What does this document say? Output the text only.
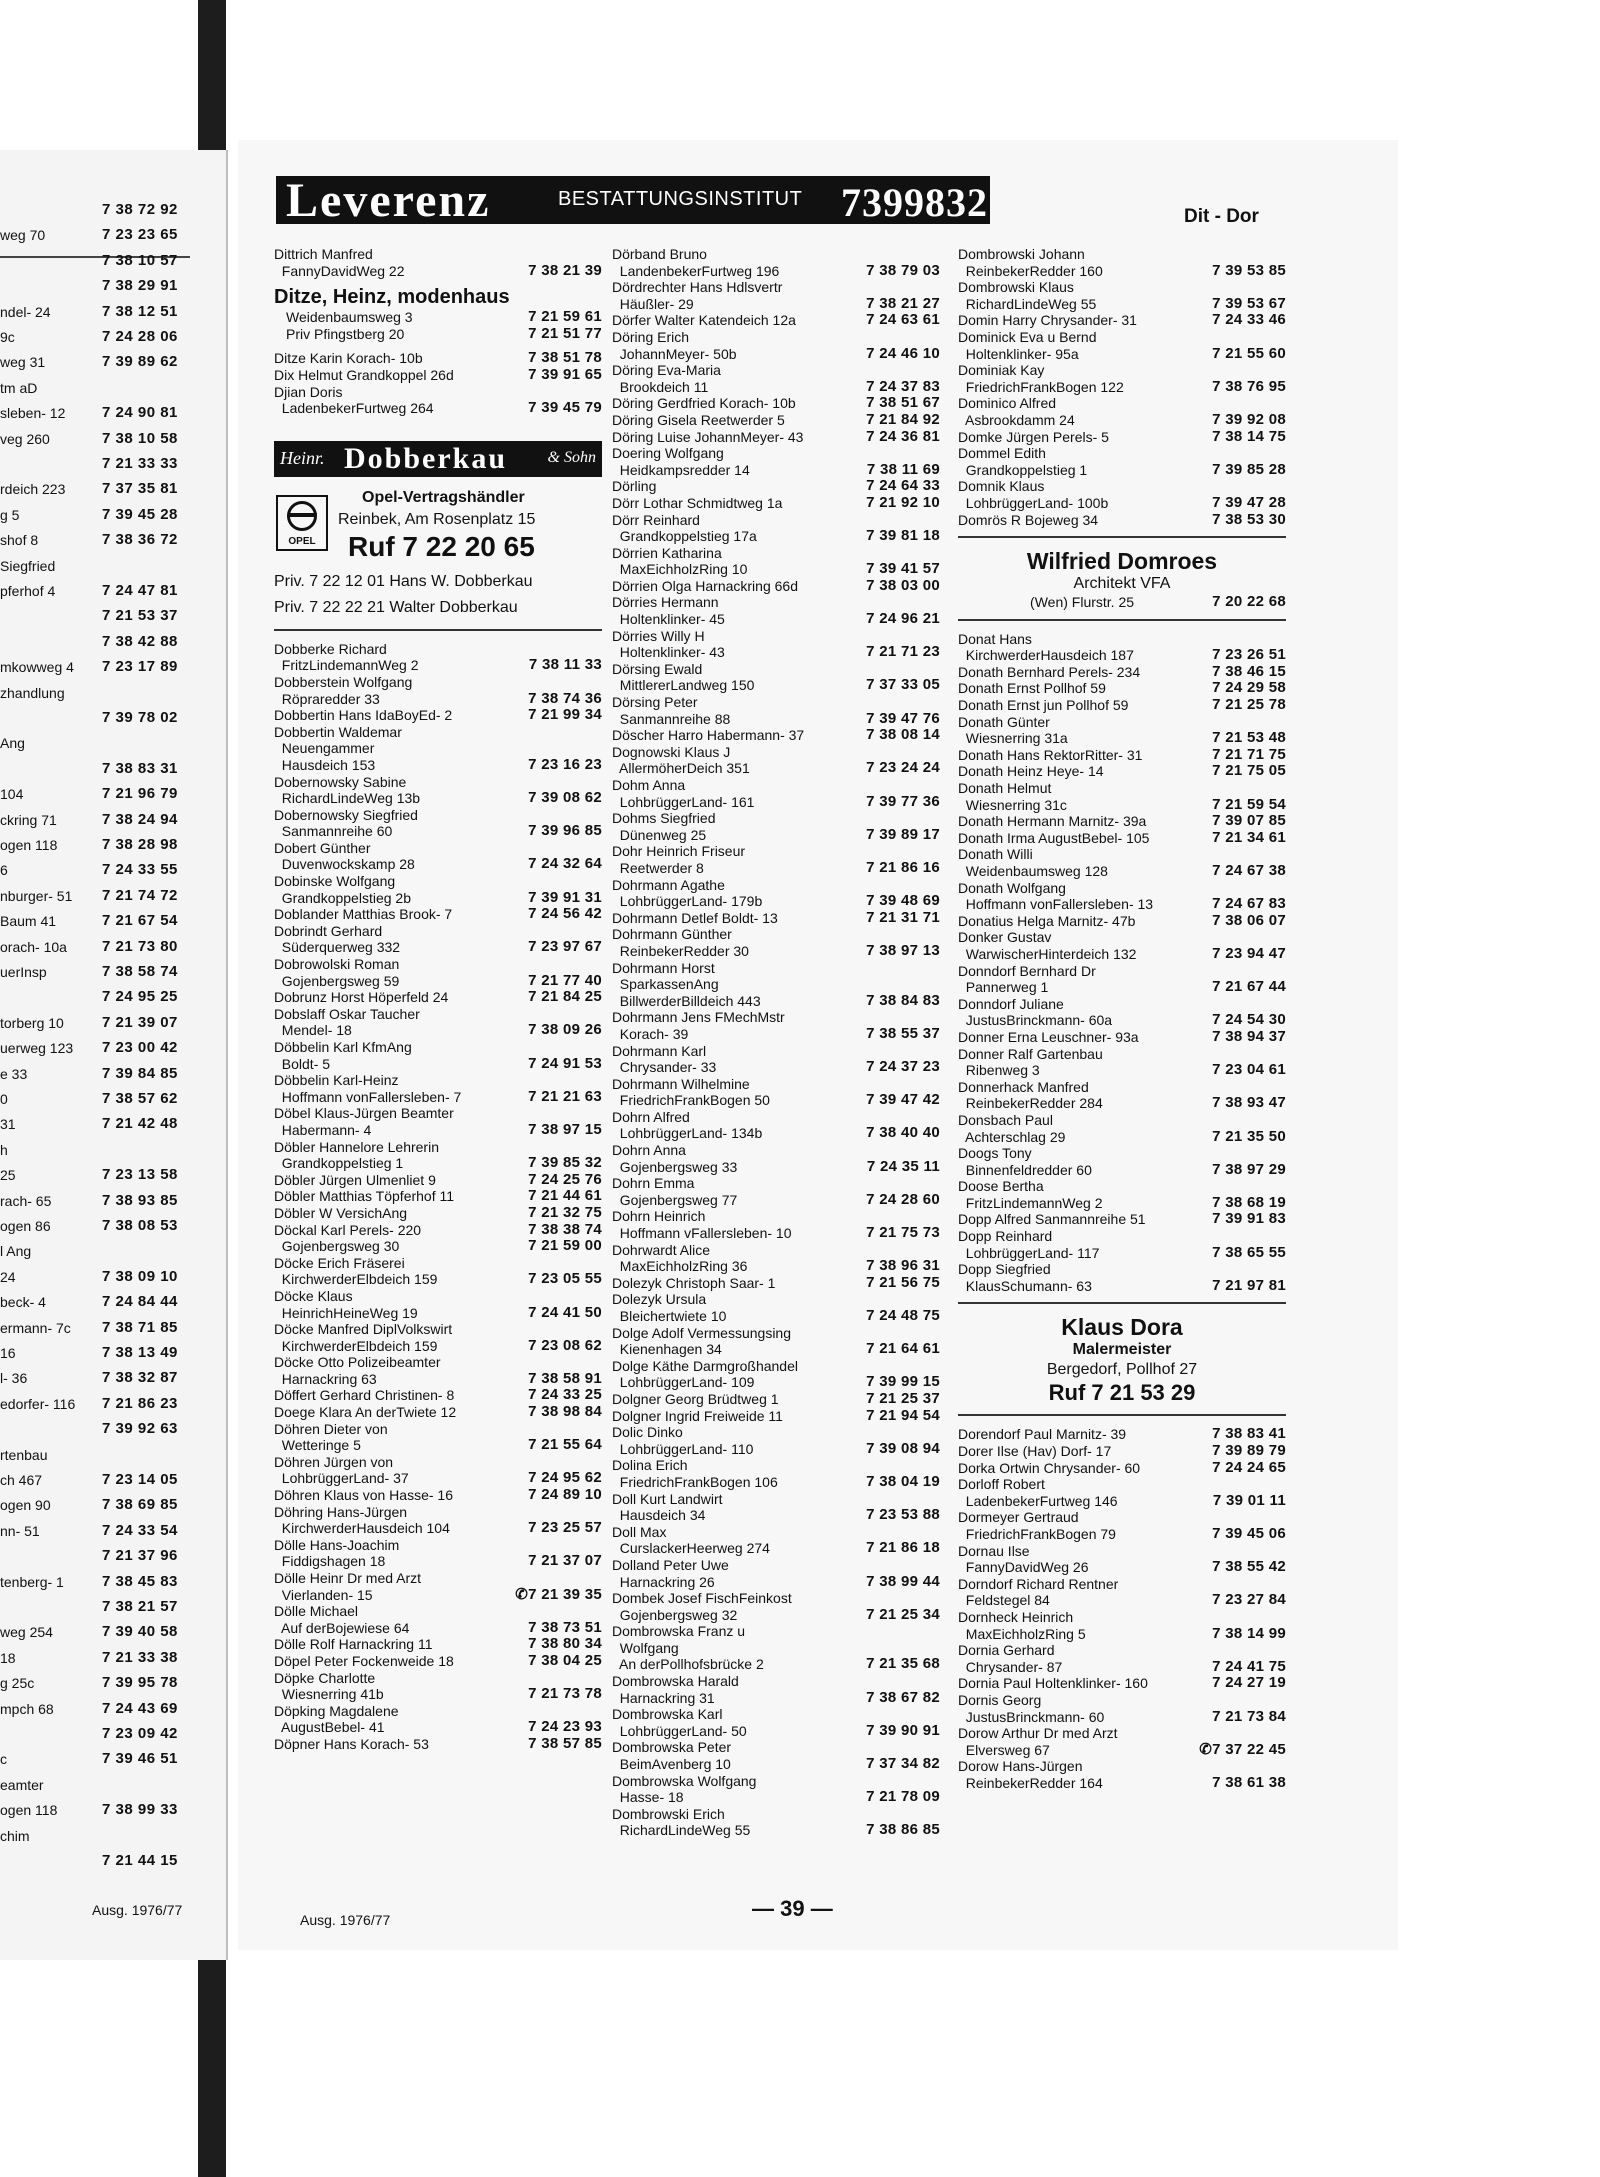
7 38 72 92
weg 70	7 23 23 65
7 38 10 57
7 38 29 91
ndel- 24	7 38 12 51
9c	7 24 28 06
weg 31	7 39 89 62
tm aD
sleben- 12	7 24 90 81
veg 260	7 38 10 58
7 21 33 33
rdeich 223	7 37 35 81
g 5	7 39 45 28
shof 8	7 38 36 72
Siegfried
pferhof 4	7 24 47 81
7 21 53 37
7 38 42 88
mkowweg 4	7 23 17 89
zhandlung
7 39 78 02
Ang
7 38 83 31
104	7 21 96 79
ckring 71	7 38 24 94
ogen 118	7 38 28 98
6	7 24 33 55
nburger- 51	7 21 74 72
Baum 41	7 21 67 54
orach- 10a	7 21 73 80
uerInsp	7 38 58 74
7 24 95 25
torberg 10	7 21 39 07
uerweg 123	7 23 00 42
e 33	7 39 84 85
0	7 38 57 62
31	7 21 42 48
h
25	7 23 13 58
rach- 65	7 38 93 85
ogen 86	7 38 08 53
l Ang
24	7 38 09 10
beck- 4	7 24 84 44
ermann- 7c	7 38 71 85
16	7 38 13 49
l- 36	7 38 32 87
edorfer- 116	7 21 86 23
7 39 92 63
rtenbau
ch 467	7 23 14 05
ogen 90	7 38 69 85
nn- 51	7 24 33 54
7 21 37 96
tenberg- 1	7 38 45 83
7 38 21 57
weg 254	7 39 40 58
18	7 21 33 38
g 25c	7 39 95 78
mpch 68	7 24 43 69
7 23 09 42
c	7 39 46 51
eamter
ogen 118	7 38 99 33
chim
7 21 44 15
Ausg. 1976/77
Leverenz	BESTATTUNGSINSTITUT 7399832	Dit - Dor
Dittrich Manfred
FannyDavidWeg 22	7 38 21 39
Ditze, Heinz, modenhaus
Weidenbaumsweg 3	7 21 59 61
Priv Pfingstberg 20	7 21 51 77
Ditze Karin Korach- 10b	7 38 51 78
Dix Helmut Grandkoppel 26d	7 39 91 65
Djian Doris
LadenbekerFurtweg 264	7 39 45 79
Heinr. Dobberkau	& Sohn
OPEL
Opel-Vertragshändler
Reinbek, Am Rosenplatz 15
Ruf 7 22 20 65
Priv. 7 22 12 01 Hans W. Dobberkau
Priv. 7 22 22 21 Walter Dobberkau
Dobberke Richard
FritzLindemannWeg 2	7 38 11 33
Dobberstein Wolfgang
Röpraredder 33	7 38 74 36
Dobbertin Hans IdaBoyEd- 2	7 21 99 34
Dobbertin Waldemar
Neuengammer
Hausdeich 153	7 23 16 23
Dobernowsky Sabine
RichardLindeWeg 13b	7 39 08 62
Dobernowsky Siegfried
Sanmannreihe 60	7 39 96 85
Dobert Günther
Duvenwockskamp 28	7 24 32 64
Dobinske Wolfgang
Grandkoppelstieg 2b	7 39 91 31
Doblander Matthias Brook- 7	7 24 56 42
Dobrindt Gerhard
Süderquerweg 332	7 23 97 67
Dobrowolski Roman
Gojenbergsweg 59	7 21 77 40
Dobrunz Horst Höperfeld 24	7 21 84 25
Dobslaff Oskar Taucher
Mendel- 18	7 38 09 26
Döbbelin Karl KfmAng
Boldt- 5	7 24 91 53
Döbbelin Karl-Heinz
Hoffmann vonFallersleben- 7	7 21 21 63
Döbel Klaus-Jürgen Beamter
Habermann- 4	7 38 97 15
Döbler Hannelore Lehrerin
Grandkoppelstieg 1	7 39 85 32
Döbler Jürgen Ulmenliet 9	7 24 25 76
Döbler Matthias Töpferhof 11	7 21 44 61
Döbler W VersichAng	7 21 32 75
Döckal Karl Perels- 220	7 38 38 74
Gojenbergsweg 30	7 21 59 00
Döcke Erich Fräserei
KirchwerderElbdeich 159	7 23 05 55
Döcke Klaus
HeinrichHeineWeg 19	7 24 41 50
Döcke Manfred DiplVolkswirt
KirchwerderElbdeich 159	7 23 08 62
Döcke Otto Polizeibeamter
Harnackring 63	7 38 58 91
Döffert Gerhard Christinen- 8	7 24 33 25
Doege Klara An derTwiete 12	7 38 98 84
Döhren Dieter von
Wetteringe 5	7 21 55 64
Döhren Jürgen von
LohbrüggerLand- 37	7 24 95 62
Döhren Klaus von Hasse- 16	7 24 89 10
Döhring Hans-Jürgen
KirchwerderHausdeich 104	7 23 25 57
Dölle Hans-Joachim
Fiddigshagen 18	7 21 37 07
Dölle Heinr Dr med Arzt
Vierlanden- 15	✆7 21 39 35
Dölle Michael
Auf derBojewiese 64	7 38 73 51
Dölle Rolf Harnackring 11	7 38 80 34
Döpel Peter Fockenweide 18	7 38 04 25
Döpke Charlotte
Wiesnerring 41b	7 21 73 78
Döpking Magdalene
AugustBebel- 41	7 24 23 93
Döpner Hans Korach- 53	7 38 57 85
Dörband Bruno
LandenbekerFurtweg 196	7 38 79 03
Dördrechter Hans Hdlsvertr
Häußler- 29	7 38 21 27
Dörfer Walter Katendeich 12a	7 24 63 61
Döring Erich
JohannMeyer- 50b	7 24 46 10
Döring Eva-Maria
Brookdeich 11	7 24 37 83
Döring Gerdfried Korach- 10b	7 38 51 67
Döring Gisela Reetwerder 5	7 21 84 92
Döring Luise JohannMeyer- 43	7 24 36 81
Doering Wolfgang
Heidkampsredder 14	7 38 11 69
Dörling	7 24 64 33
Dörr Lothar Schmidtweg 1a	7 21 92 10
Dörr Reinhard
Grandkoppelstieg 17a	7 39 81 18
Dörrien Katharina
MaxEichholzRing 10	7 39 41 57
Dörrien Olga Harnackring 66d	7 38 03 00
Dörries Hermann
Holtenklinker- 45	7 24 96 21
Dörries Willy H
Holtenklinker- 43	7 21 71 23
Dörsing Ewald
MittlererLandweg 150	7 37 33 05
Dörsing Peter
Sanmannreihe 88	7 39 47 76
Döscher Harro Habermann- 37	7 38 08 14
Dognowski Klaus J
AllermöherDeich 351	7 23 24 24
Dohm Anna
LohbrüggerLand- 161	7 39 77 36
Dohms Siegfried
Dünenweg 25	7 39 89 17
Dohr Heinrich Friseur
Reetwerder 8	7 21 86 16
Dohrmann Agathe
LohbrüggerLand- 179b	7 39 48 69
Dohrmann Detlef Boldt- 13	7 21 31 71
Dohrmann Günther
ReinbekerRedder 30	7 38 97 13
Dohrmann Horst
SparkassenAng
BillwerderBilldeich 443	7 38 84 83
Dohrmann Jens FMechMstr
Korach- 39	7 38 55 37
Dohrmann Karl
Chrysander- 33	7 24 37 23
Dohrmann Wilhelmine
FriedrichFrankBogen 50	7 39 47 42
Dohrn Alfred
LohbrüggerLand- 134b	7 38 40 40
Dohrn Anna
Gojenbergsweg 33	7 24 35 11
Dohrn Emma
Gojenbergsweg 77	7 24 28 60
Dohrn Heinrich
Hoffmann vFallersleben- 10	7 21 75 73
Dohrwardt Alice
MaxEichholzRing 36	7 38 96 31
Dolezyk Christoph Saar- 1	7 21 56 75
Dolezyk Ursula
Bleichertwiete 10	7 24 48 75
Dolge Adolf Vermessungsing
Kienenhagen 34	7 21 64 61
Dolge Käthe Darmgroßhandel
LohbrüggerLand- 109	7 39 99 15
Dolgner Georg Brüdtweg 1	7 21 25 37
Dolgner Ingrid Freiweide 11	7 21 94 54
Dolic Dinko
LohbrüggerLand- 110	7 39 08 94
Dolina Erich
FriedrichFrankBogen 106	7 38 04 19
Doll Kurt Landwirt
Hausdeich 34	7 23 53 88
Doll Max
CurslackerHeerweg 274	7 21 86 18
Dolland Peter Uwe
Harnackring 26	7 38 99 44
Dombek Josef FischFeinkost
Gojenbergsweg 32	7 21 25 34
Dombrowska Franz u
Wolfgang
An derPollhofsbrücke 2	7 21 35 68
Dombrowska Harald
Harnackring 31	7 38 67 82
Dombrowska Karl
LohbrüggerLand- 50	7 39 90 91
Dombrowska Peter
BeimAvenberg 10	7 37 34 82
Dombrowska Wolfgang
Hasse- 18	7 21 78 09
Dombrowski Erich
RichardLindeWeg 55	7 38 86 85
Dombrowski Johann
ReinbekerRedder 160	7 39 53 85
Dombrowski Klaus
RichardLindeWeg 55	7 39 53 67
Domin Harry Chrysander- 31	7 24 33 46
Dominick Eva u Bernd
Holtenklinker- 95a	7 21 55 60
Dominiak Kay
FriedrichFrankBogen 122	7 38 76 95
Dominico Alfred
Asbrookdamm 24	7 39 92 08
Domke Jürgen Perels- 5	7 38 14 75
Dommel Edith
Grandkoppelstieg 1	7 39 85 28
Domnik Klaus
LohbrüggerLand- 100b	7 39 47 28
Domrös R Bojeweg 34	7 38 53 30
Wilfried Domroes
Architekt VFA
(Wen) Flurstr. 25	7 20 22 68
Donat Hans
KirchwerderHausdeich 187	7 23 26 51
Donath Bernhard Perels- 234	7 38 46 15
Donath Ernst Pollhof 59	7 24 29 58
Donath Ernst jun Pollhof 59	7 21 25 78
Donath Günter
Wiesnerring 31a	7 21 53 48
Donath Hans RektorRitter- 31	7 21 71 75
Donath Heinz Heye- 14	7 21 75 05
Donath Helmut
Wiesnerring 31c	7 21 59 54
Donath Hermann Marnitz- 39a	7 39 07 85
Donath Irma AugustBebel- 105	7 21 34 61
Donath Willi
Weidenbaumsweg 128	7 24 67 38
Donath Wolfgang
Hoffmann vonFallersleben- 13	7 24 67 83
Donatius Helga Marnitz- 47b	7 38 06 07
Donker Gustav
WarwischerHinterdeich 132	7 23 94 47
Donndorf Bernhard Dr
Pannerweg 1	7 21 67 44
Donndorf Juliane
JustusBrinckmann- 60a	7 24 54 30
Donner Erna Leuschner- 93a	7 38 94 37
Donner Ralf Gartenbau
Ribenweg 3	7 23 04 61
Donnerhack Manfred
ReinbekerRedder 284	7 38 93 47
Donsbach Paul
Achterschlag 29	7 21 35 50
Doogs Tony
Binnenfeldredder 60	7 38 97 29
Doose Bertha
FritzLindemannWeg 2	7 38 68 19
Dopp Alfred Sanmannreihe 51	7 39 91 83
Dopp Reinhard
LohbrüggerLand- 117	7 38 65 55
Dopp Siegfried
KlausSchumann- 63	7 21 97 81
Klaus Dora
Malermeister
Bergedorf, Pollhof 27
Ruf 7 21 53 29
Dorendorf Paul Marnitz- 39	7 38 83 41
Dorer Ilse (Hav) Dorf- 17	7 39 89 79
Dorka Ortwin Chrysander- 60	7 24 24 65
Dorloff Robert
LadenbekerFurtweg 146	7 39 01 11
Dormeyer Gertraud
FriedrichFrankBogen 79	7 39 45 06
Dornau Ilse
FannyDavidWeg 26	7 38 55 42
Dorndorf Richard Rentner
Feldstegel 84	7 23 27 84
Dornheck Heinrich
MaxEichholzRing 5	7 38 14 99
Dornia Gerhard
Chrysander- 87	7 24 41 75
Dornia Paul Holtenklinker- 160	7 24 27 19
Dornis Georg
JustusBrinckmann- 60	7 21 73 84
Dorow Arthur Dr med Arzt
Elversweg 67	✆7 37 22 45
Dorow Hans-Jürgen
ReinbekerRedder 164	7 38 61 38
Ausg. 1976/77	— 39 —
